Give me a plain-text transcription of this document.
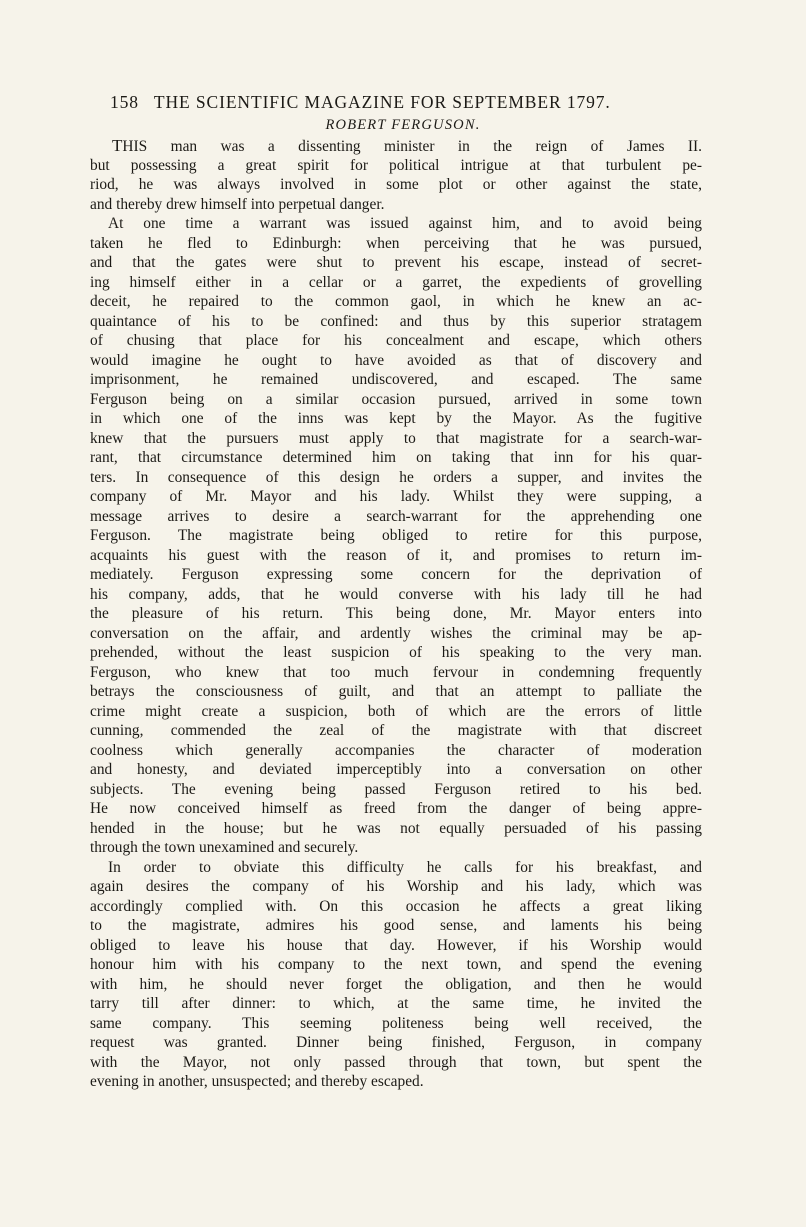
158 THE SCIENTIFIC MAGAZINE FOR SEPTEMBER 1797.
ROBERT FERGUSON.
THIS man was a dissenting minister in the reign of James II.
but possessing a great spirit for political intrigue at that turbulent pe-
riod, he was always involved in some plot or other against the state,
and thereby drew himself into perpetual danger.
At one time a warrant was issued against him, and to avoid being
taken he fled to Edinburgh: when perceiving that he was pursued,
and that the gates were shut to prevent his escape, instead of secret-
ing himself either in a cellar or a garret, the expedients of grovelling
deceit, he repaired to the common gaol, in which he knew an ac-
quaintance of his to be confined: and thus by this superior stratagem
of chusing that place for his concealment and escape, which others
would imagine he ought to have avoided as that of discovery and
imprisonment, he remained undiscovered, and escaped. The same
Ferguson being on a similar occasion pursued, arrived in some town
in which one of the inns was kept by the Mayor. As the fugitive
knew that the pursuers must apply to that magistrate for a search-war-
rant, that circumstance determined him on taking that inn for his quar-
ters. In consequence of this design he orders a supper, and invites the
company of Mr. Mayor and his lady. Whilst they were supping, a
message arrives to desire a search-warrant for the apprehending one
Ferguson. The magistrate being obliged to retire for this purpose,
acquaints his guest with the reason of it, and promises to return im-
mediately. Ferguson expressing some concern for the deprivation of
his company, adds, that he would converse with his lady till he had
the pleasure of his return. This being done, Mr. Mayor enters into
conversation on the affair, and ardently wishes the criminal may be ap-
prehended, without the least suspicion of his speaking to the very man.
Ferguson, who knew that too much fervour in condemning frequently
betrays the consciousness of guilt, and that an attempt to palliate the
crime might create a suspicion, both of which are the errors of little
cunning, commended the zeal of the magistrate with that discreet
coolness which generally accompanies the character of moderation
and honesty, and deviated imperceptibly into a conversation on other
subjects. The evening being passed Ferguson retired to his bed.
He now conceived himself as freed from the danger of being appre-
hended in the house; but he was not equally persuaded of his passing
through the town unexamined and securely.
In order to obviate this difficulty he calls for his breakfast, and
again desires the company of his Worship and his lady, which was
accordingly complied with. On this occasion he affects a great liking
to the magistrate, admires his good sense, and laments his being
obliged to leave his house that day. However, if his Worship would
honour him with his company to the next town, and spend the evening
with him, he should never forget the obligation, and then he would
tarry till after dinner: to which, at the same time, he invited the
same company. This seeming politeness being well received, the
request was granted. Dinner being finished, Ferguson, in company
with the Mayor, not only passed through that town, but spent the
evening in another, unsuspected; and thereby escaped.
